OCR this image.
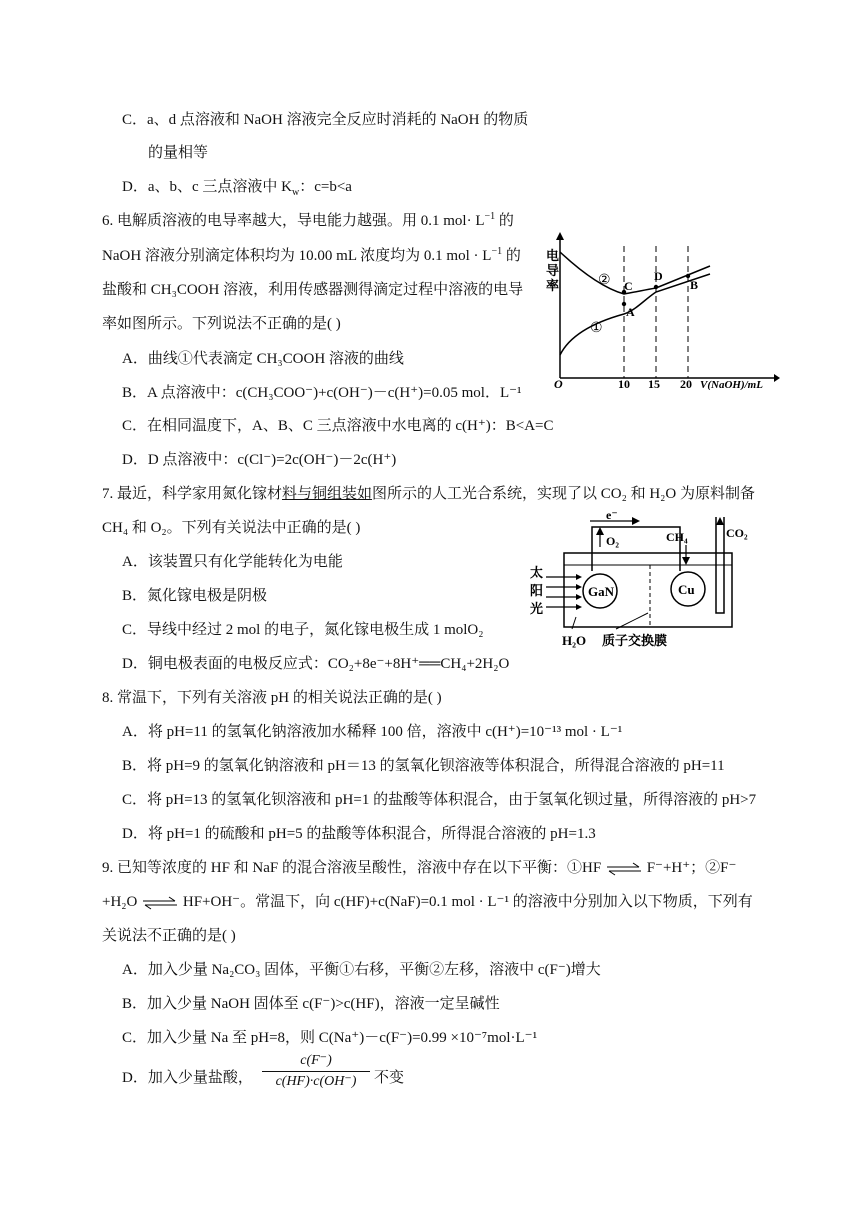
C．a、d 点溶液和 NaOH 溶液完全反应时消耗的 NaOH 的物质
的量相等
D．a、b、c 三点溶液中 $K_w$：c=b<a
6. 电解质溶液的电导率越大，导电能力越强。用 0.1 $mol\cdot L^{-1}$ 的
NaOH 溶液分别滴定体积均为 10.00 mL 浓度均为 0.1 mol · $L^{-1}$ 的
盐酸和 CH₃COOH 溶液，利用传感器测得滴定过程中溶液的电导
率如图所示。下列说法不正确的是( )
A．曲线①代表滴定 CH₃COOH 溶液的曲线
B．A 点溶液中：c(CH₃COO⁻)+c(OH⁻)－c(H⁺)=0.05 mol．L⁻¹
C．在相同温度下，A、B、C 三点溶液中水电离的 c(H⁺)：B<A=C
D．D 点溶液中：c(Cl⁻)=2c(OH⁻)－2c(H⁺)
电
导
率
O	10 15 20 V(NaOH)/mL
②
①
A
C
D
B
7. 最近，科学家用氮化镓材料与铜组装如图所示的人工光合系统，实现了以 CO₂ 和 H₂O 为原料制备
CH₄ 和 O₂。下列有关说法中正确的是( )
A．该装置只有化学能转化为电能
B．氮化镓电极是阴极
C．导线中经过 2 mol 的电子，氮化镓电极生成 1 molO₂
D．铜电极表面的电极反应式：CO₂+8e⁻+8H⁺══CH₄+2H₂O
e⁻
O₂	CH₄
GaN	Cu
CO₂
太
阳
光
H₂O 质子交换膜
8. 常温下，下列有关溶液 pH 的相关说法正确的是( )
A．将 pH=11 的氢氧化钠溶液加水稀释 100 倍，溶液中 c(H⁺)=10⁻¹³ mol · L⁻¹
B．将 pH=9 的氢氧化钠溶液和 pH＝13 的氢氧化钡溶液等体积混合，所得混合溶液的 pH=11
C．将 pH=13 的氢氧化钡溶液和 pH=1 的盐酸等体积混合，由于氢氧化钡过量，所得溶液的 pH>7
D．将 pH=1 的硫酸和 pH=5 的盐酸等体积混合，所得混合溶液的 pH=1.3
9. 已知等浓度的 HF 和 NaF 的混合溶液呈酸性，溶液中存在以下平衡：①HF ⇌ F⁻+H⁺；②F⁻
+H₂O ⇌ HF+OH⁻。常温下，向 c(HF)+c(NaF)=0.1 mol · L⁻¹ 的溶液中分别加入以下物质，下列有
关说法不正确的是( )
A．加入少量 Na₂CO₃ 固体，平衡①右移，平衡②左移，溶液中 c(F⁻)增大
B．加入少量 NaOH 固体至 c(F⁻)>c(HF)，溶液一定呈碱性
C．加入少量 Na 至 pH=8，则 C(Na⁺)－c(F⁻)=0.99 ×10⁻⁷mol·L⁻¹
D．加入少量盐酸，
c(F⁻)
c(HF)·c(OH⁻)	不变
